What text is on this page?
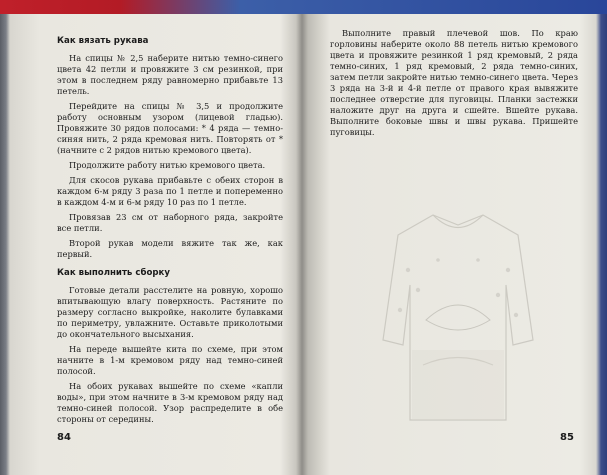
Как вязать рукава

На спицы № 2,5 наберите нитью темно-синего цвета 42 петли и провяжите 3 см резинкой, при этом в последнем ряду равномерно прибавьте 13 петель.

Перейдите на спицы № 3,5 и продолжите работу основным узором (лицевой гладью). Провяжите 30 рядов полосами: * 4 ряда — темно-синяя нить, 2 ряда кремовая нить. Повторять от *(начните с 2 рядов нитью кремового цвета).

Продолжите работу нитью кремового цвета.

Для скосов рукава прибавьте с обеих сторон в каждом 6-м ряду 3 раза по 1 петле и попеременно в каждом 4-м и 6-м ряду 10 раз по 1 петле.

Провязав 23 см от наборного ряда, закройте все петли.

Второй рукав модели вяжите так же, как первый.

Как выполнить сборку

Готовые детали расстелите на ровную, хорошо впитывающую влагу поверхность. Растяните по размеру согласно выкройке, наколите булавками по периметру, увлажните. Оставьте приколотыми до окончательного высыхания.

На переде вышейте кита по схеме, при этом начните в 1-м кремовом ряду над темно-синей полосой.

На обоих рукавах вышейте по схеме «капли воды», при этом начните в 3-м кремовом ряду над темно-синей полосой. Узор распределите в обе стороны от середины.

84

Выполните правый плечевой шов. По краю горловины наберите около 88 петель нитью кремового цвета и провяжите резинкой 1 ряд кремовый, 2 ряда темно-синих, 1 ряд кремовый, 2 ряда темно-синих, затем петли закройте нитью темно-синего цвета. Через 3 ряда на 3-й и 4-й петле от правого края вывяжите последнее отверстие для пуговицы. Планки застежки наложите друг на друга и сшейте. Вшейте рукава. Выполните боковые швы и швы рукава. Пришейте пуговицы.

85
